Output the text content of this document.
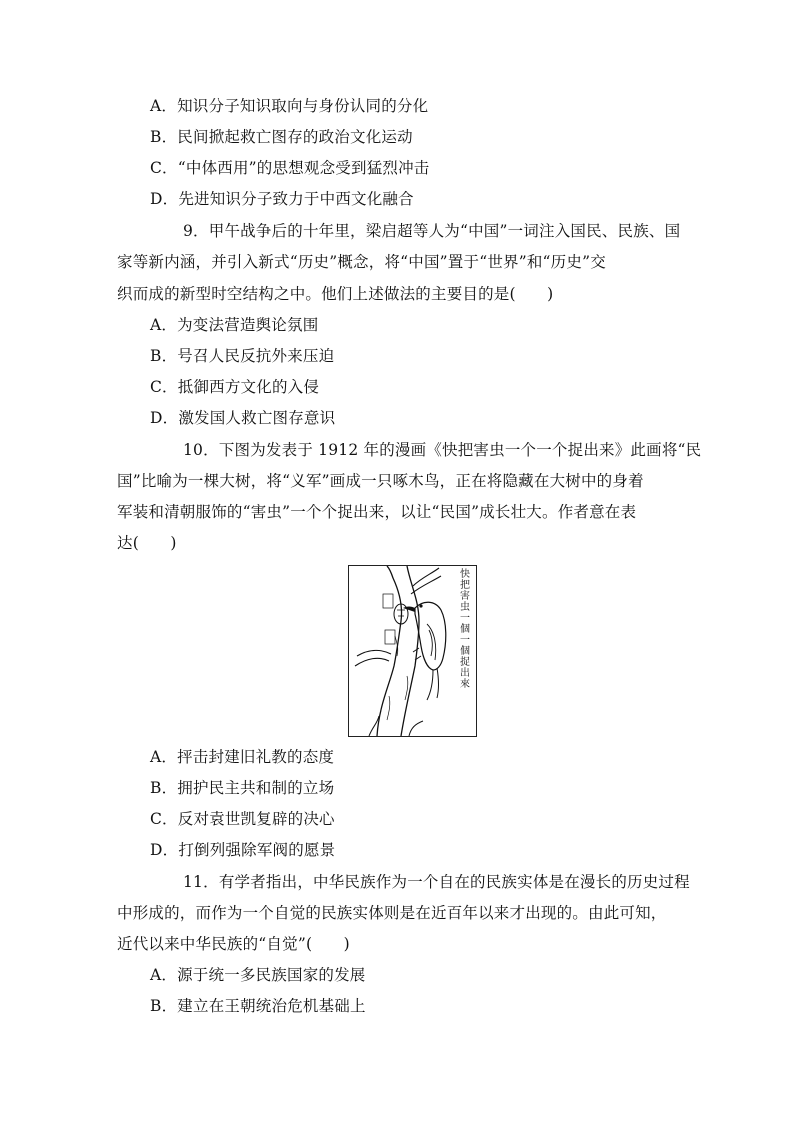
A．知识分子知识取向与身份认同的分化
B．民间掀起救亡图存的政治文化运动
C．“中体西用”的思想观念受到猛烈冲击
D．先进知识分子致力于中西文化融合
9．甲午战争后的十年里，梁启超等人为“中国”一词注入国民、民族、国
家等新内涵，并引入新式“历史”概念，将“中国”置于“世界”和“历史”交
织而成的新型时空结构之中。他们上述做法的主要目的是(　　)
A．为变法营造舆论氛围
B．号召人民反抗外来压迫
C．抵御西方文化的入侵
D．激发国人救亡图存意识
10．下图为发表于 1912 年的漫画《快把害虫一个一个捉出来》此画将“民
国”比喻为一棵大树，将“义军”画成一只啄木鸟，正在将隐藏在大树中的身着
军装和清朝服饰的“害虫”一个个捉出来，以让“民国”成长壮大。作者意在表
达(　　)
快把害虫一個一個捉出來
A．抨击封建旧礼教的态度
B．拥护民主共和制的立场
C．反对袁世凯复辟的决心
D．打倒列强除军阀的愿景
11．有学者指出，中华民族作为一个自在的民族实体是在漫长的历史过程
中形成的，而作为一个自觉的民族实体则是在近百年以来才出现的。由此可知，
近代以来中华民族的“自觉”(　　)
A．源于统一多民族国家的发展
B．建立在王朝统治危机基础上
